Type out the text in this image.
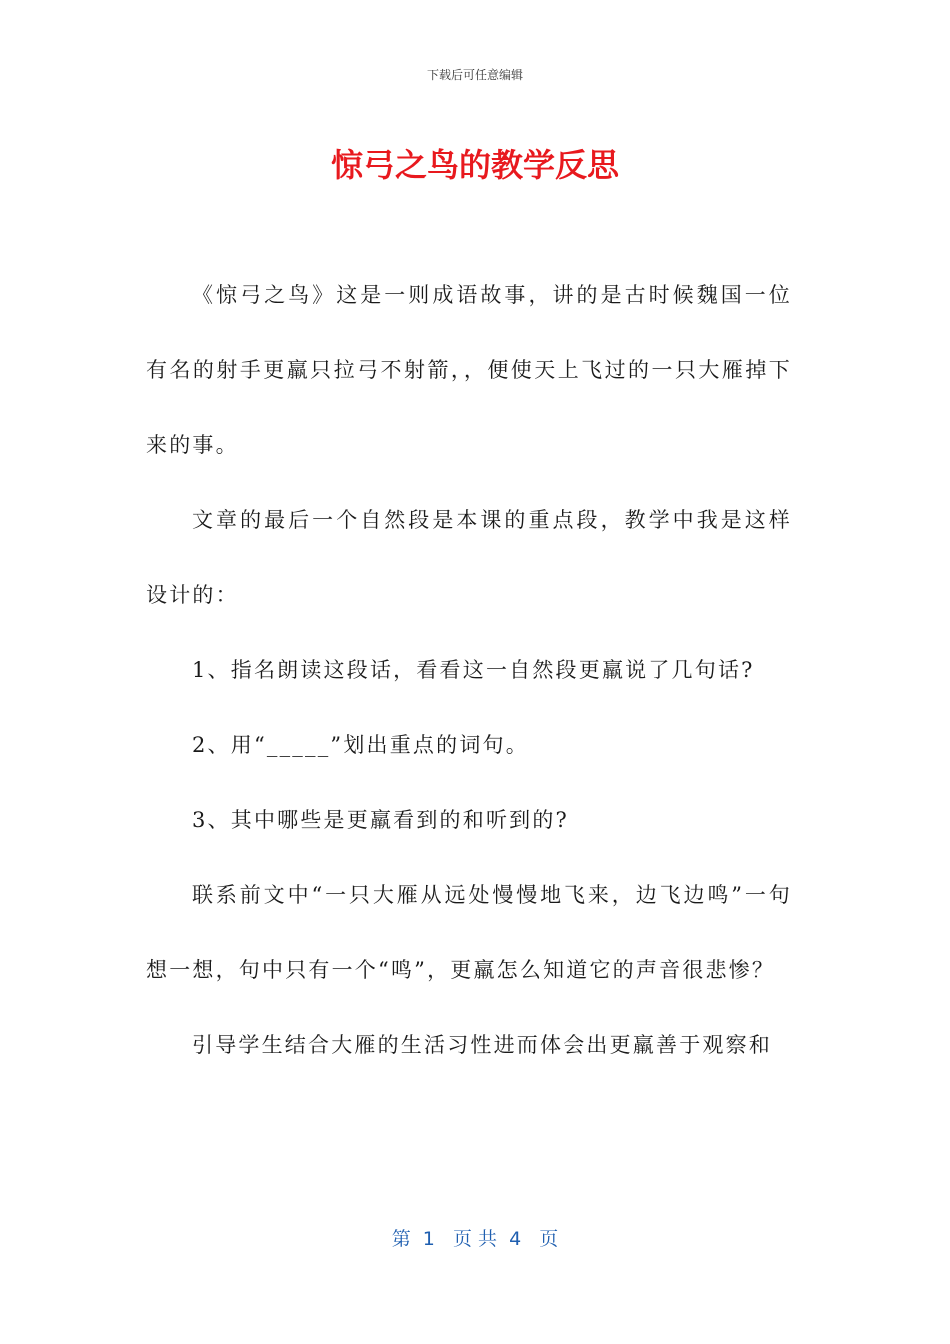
下载后可任意编辑
惊弓之鸟的教学反思

《惊弓之鸟》这是一则成语故事，讲的是古时候魏国一位有名的射手更羸只拉弓不射箭，，便使天上飞过的一只大雁掉下来的事。

文章的最后一个自然段是本课的重点段，教学中我是这样设计的：

1、指名朗读这段话，看看这一自然段更羸说了几句话?

2、用“_____”划出重点的词句。

3、其中哪些是更羸看到的和听到的?

联系前文中“一只大雁从远处慢慢地飞来，边飞边鸣”一句想一想，句中只有一个“鸣”，更羸怎么知道它的声音很悲惨？

引导学生结合大雁的生活习性进而体会出更羸善于观察和

第  1   页 共  4   页
